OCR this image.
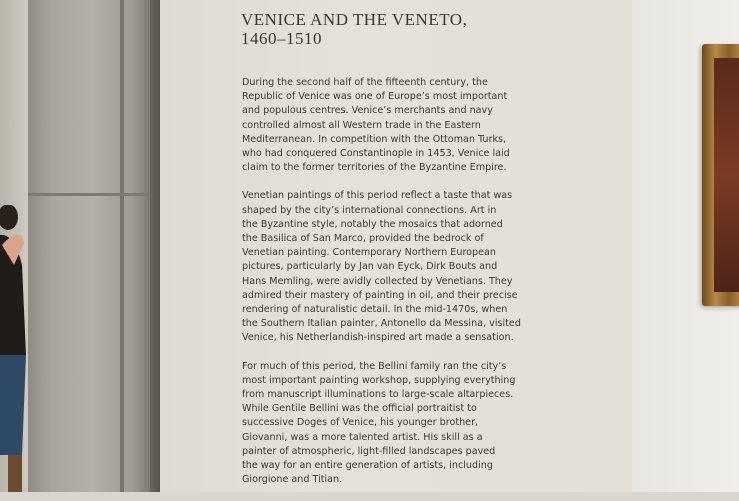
VENICE AND THE VENETO,
1460–1510

During the second half of the fifteenth century, the
Republic of Venice was one of Europe’s most important
and populous centres. Venice’s merchants and navy
controlled almost all Western trade in the Eastern
Mediterranean. In competition with the Ottoman Turks,
who had conquered Constantinople in 1453, Venice laid
claim to the former territories of the Byzantine Empire.

Venetian paintings of this period reflect a taste that was
shaped by the city’s international connections. Art in
the Byzantine style, notably the mosaics that adorned
the Basilica of San Marco, provided the bedrock of
Venetian painting. Contemporary Northern European
pictures, particularly by Jan van Eyck, Dirk Bouts and
Hans Memling, were avidly collected by Venetians. They
admired their mastery of painting in oil, and their precise
rendering of naturalistic detail. In the mid-1470s, when
the Southern Italian painter, Antonello da Messina, visited
Venice, his Netherlandish-inspired art made a sensation.

For much of this period, the Bellini family ran the city’s
most important painting workshop, supplying everything
from manuscript illuminations to large-scale altarpieces.
While Gentile Bellini was the official portraitist to
successive Doges of Venice, his younger brother,
Giovanni, was a more talented artist. His skill as a
painter of atmospheric, light-filled landscapes paved
the way for an entire generation of artists, including
Giorgione and Titian.
